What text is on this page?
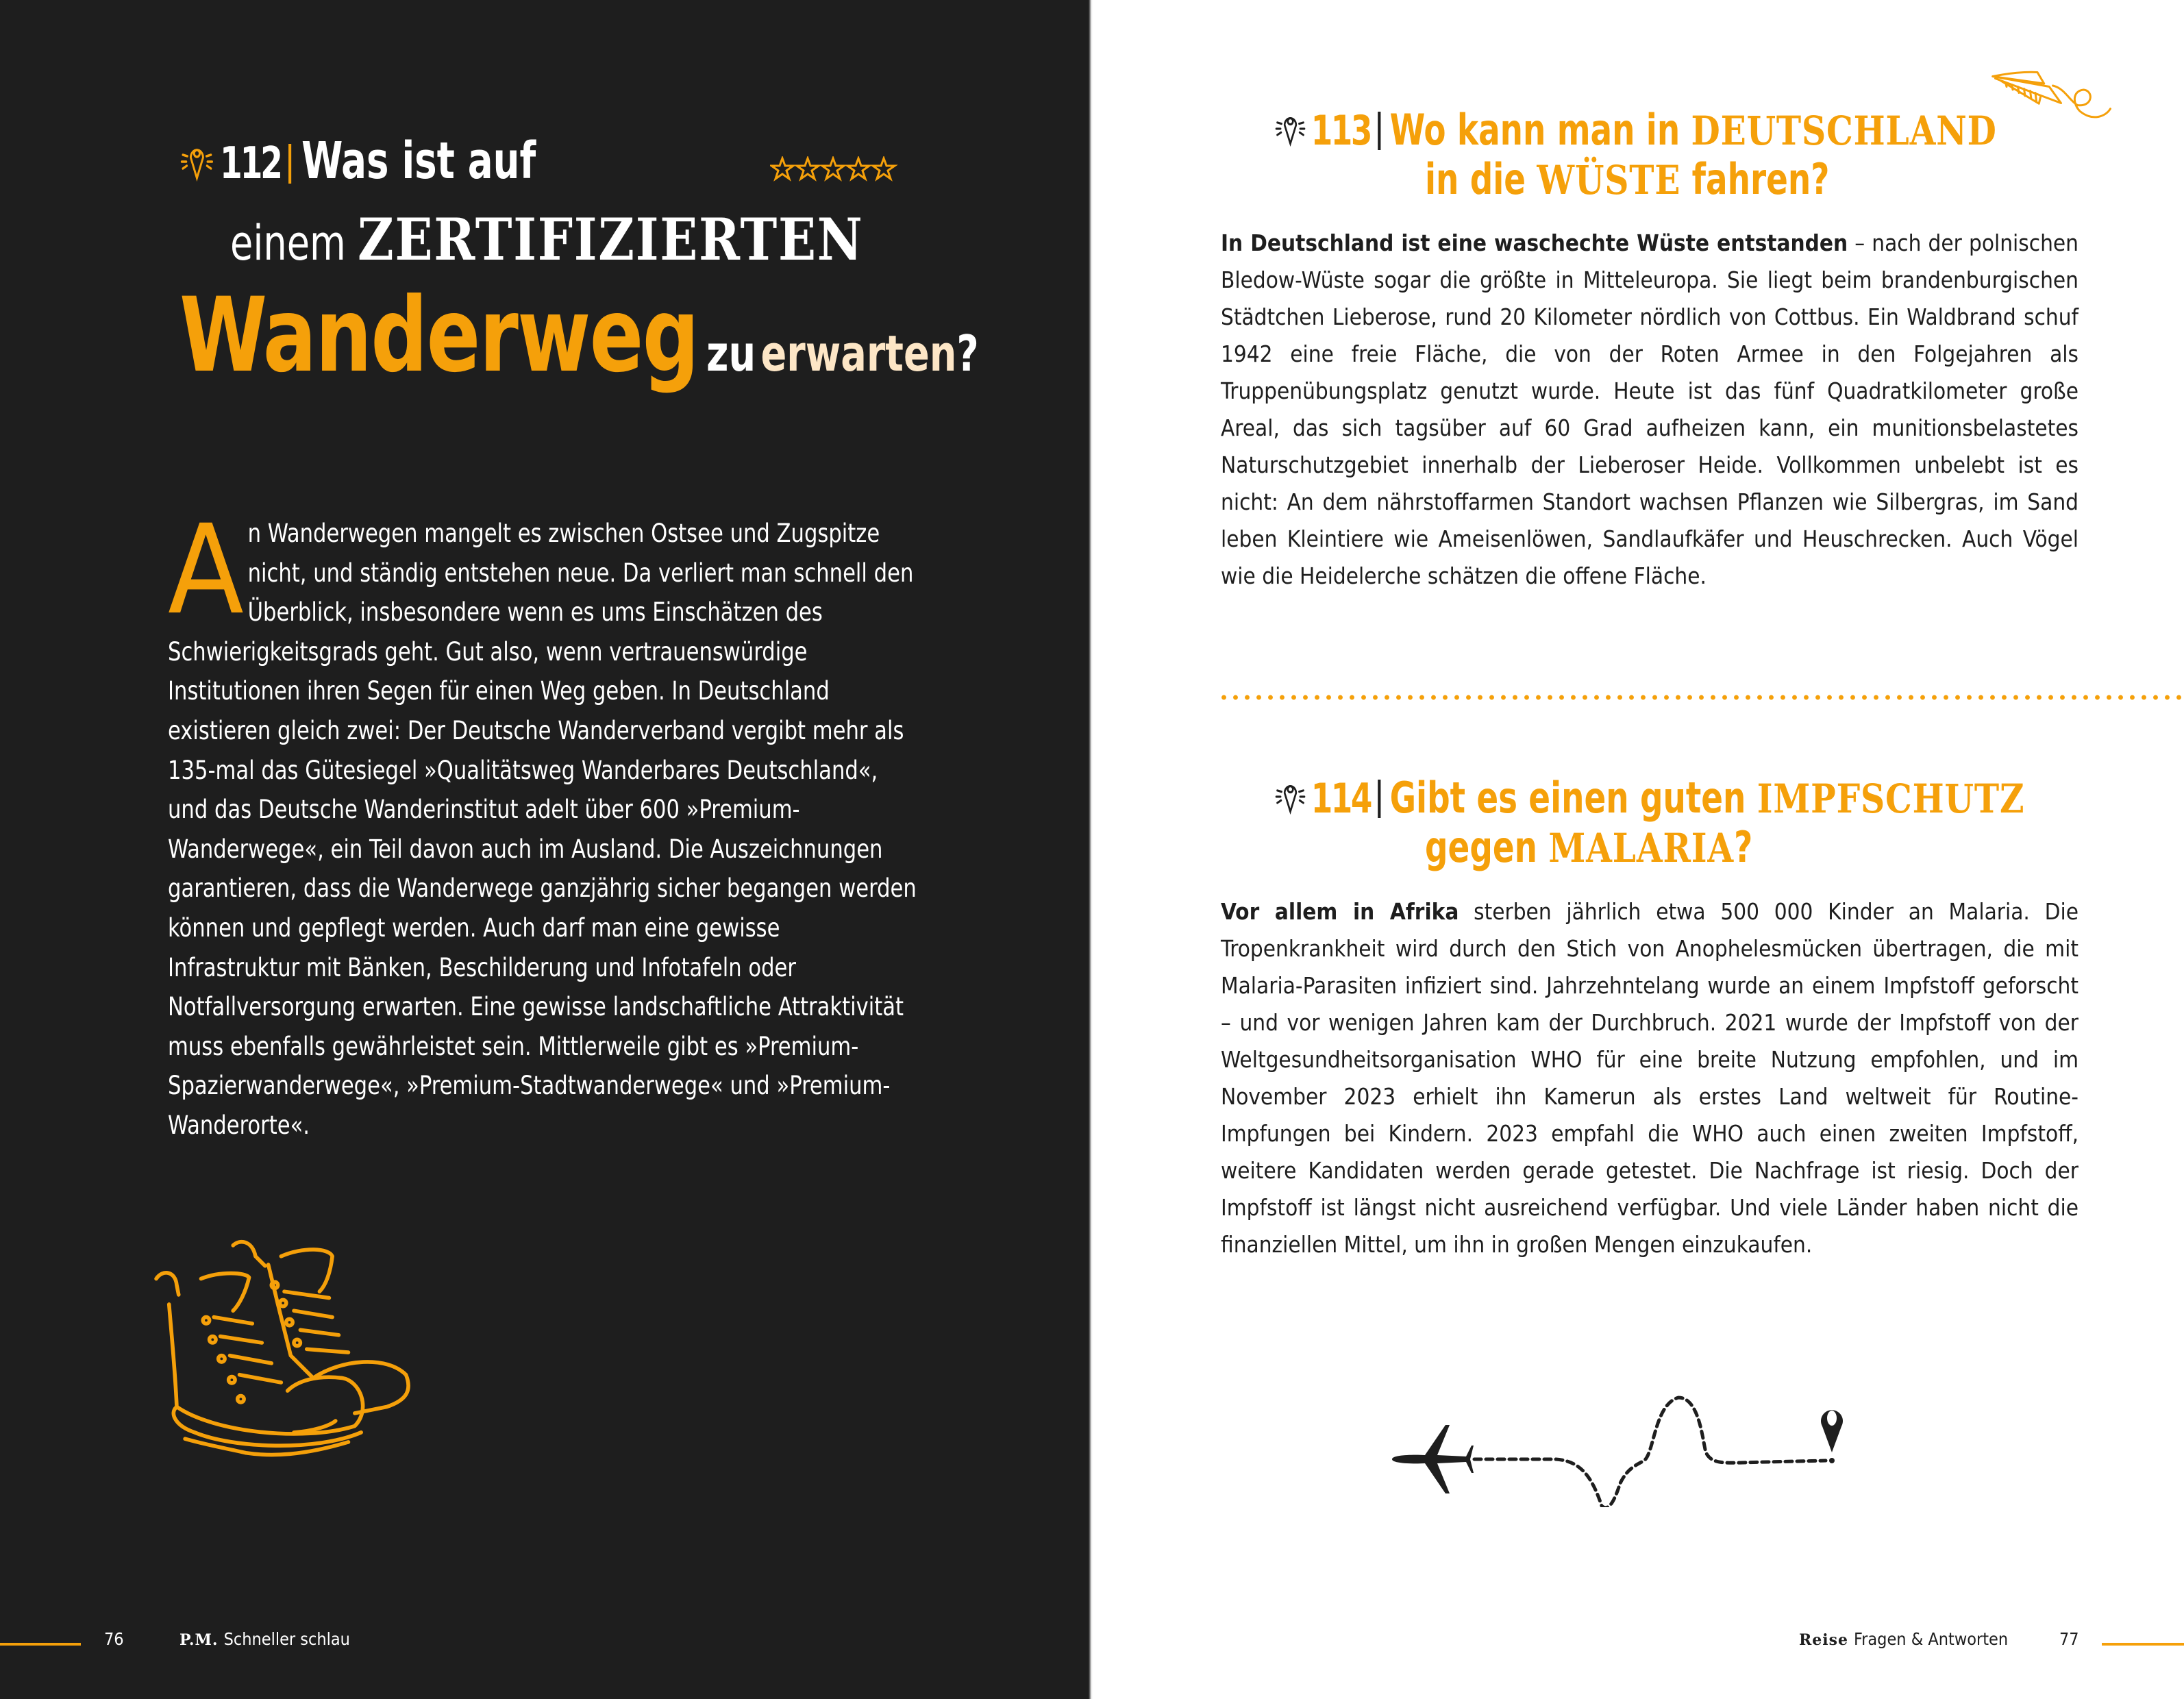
112 Was ist auf
einem ZERTIFIZIERTEN
Wanderweg zu erwarten?
A n Wanderwegen mangelt es zwischen Ostsee und Zugspitze nicht, und ständig entstehen neue. Da verliert man schnell den Überblick, insbesondere wenn es ums Einschätzen des Schwierigkeitsgrads geht. Gut also, wenn vertrauenswürdige Institutionen ihren Segen für einen Weg geben. In Deutschland existieren gleich zwei: Der Deutsche Wanderverband vergibt mehr als 135-mal das Gütesiegel »Qualitätsweg Wanderbares Deutschland«, und das Deutsche Wanderinstitut adelt über 600 »Premium-Wanderwege«, ein Teil davon auch im Ausland. Die Auszeichnungen garantieren, dass die Wanderwege ganzjährig sicher begangen werden können und gepflegt werden. Auch darf man eine gewisse Infrastruktur mit Bänken, Beschilderung und Infotafeln oder Notfallversorgung erwarten. Eine gewisse landschaftliche Attraktivität muss ebenfalls gewährleistet sein. Mittlerweile gibt es »Premium-Spazierwanderwege«, »Premium-Stadtwanderwege« und »Premium-Wanderorte«.

76	P.M. Schneller schlau
113 Wo kann man in DEUTSCHLAND
in die WÜSTE fahren?

In Deutschland ist eine waschechte Wüste entstanden – nach der polnischen Bledow-Wüste sogar die größte in Mitteleuropa. Sie liegt beim brandenburgischen Städtchen Lieberose, rund 20 Kilometer nördlich von Cottbus. Ein Waldbrand schuf 1942 eine freie Fläche, die von der Roten Armee in den Folgejahren als Truppenübungsplatz genutzt wurde. Heute ist das fünf Quadratkilometer große Areal, das sich tagsüber auf 60 Grad aufheizen kann, ein munitionsbelastetes Naturschutzgebiet innerhalb der Lieberoser Heide. Vollkommen unbelebt ist es nicht: An dem nährstoffarmen Standort wachsen Pflanzen wie Silbergras, im Sand leben Kleintiere wie Ameisenlöwen, Sandlaufkäfer und Heuschrecken. Auch Vögel wie die Heidelerche schätzen die offene Fläche.

114 Gibt es einen guten IMPFSCHUTZ
gegen MALARIA?

Vor allem in Afrika sterben jährlich etwa 500 000 Kinder an Malaria. Die Tropenkrankheit wird durch den Stich von Anophelesmücken übertragen, die mit Malaria-Parasiten infiziert sind. Jahrzehntelang wurde an einem Impfstoff geforscht – und vor wenigen Jahren kam der Durchbruch. 2021 wurde der Impfstoff von der Weltgesundheitsorganisation WHO für eine breite Nutzung empfohlen, und im November 2023 erhielt ihn Kamerun als erstes Land weltweit für Routine-Impfungen bei Kindern. 2023 empfahl die WHO auch einen zweiten Impfstoff, weitere Kandidaten werden gerade getestet. Die Nachfrage ist riesig. Doch der Impfstoff ist längst nicht ausreichend verfügbar. Und viele Länder haben nicht die finanziellen Mittel, um ihn in großen Mengen einzukaufen.

Reise Fragen & Antworten	77
